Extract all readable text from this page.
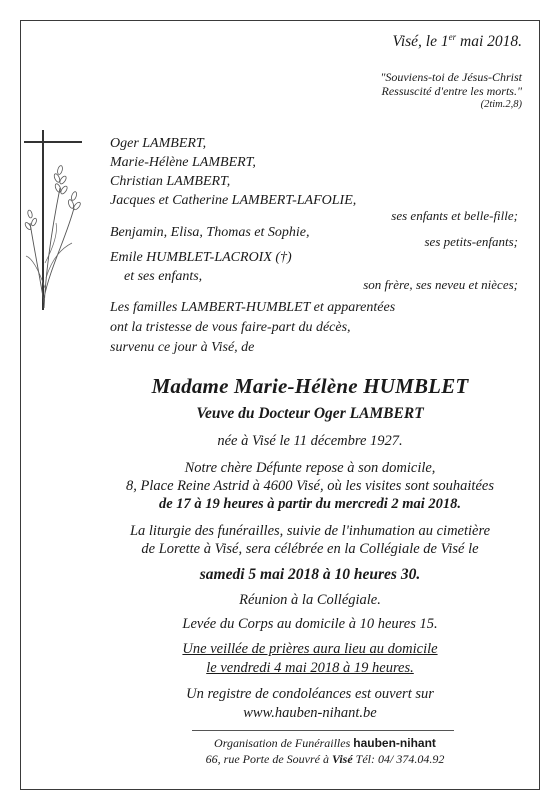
Visé, le 1er mai 2018.
"Souviens-toi de Jésus-Christ
Ressuscité d'entre les morts."
(2tim.2,8)
Oger LAMBERT,
Marie-Hélène LAMBERT,
Christian LAMBERT,
Jacques et Catherine LAMBERT-LAFOLIE,
ses enfants et belle-fille;
Benjamin, Elisa, Thomas et Sophie,
ses petits-enfants;
Emile HUMBLET-LACROIX (†)
et ses enfants,
son frère, ses neveu et nièces;
Les familles LAMBERT-HUMBLET et apparentées
ont la tristesse de vous faire-part du décès,
survenu ce jour à Visé, de
Madame Marie-Hélène HUMBLET
Veuve du Docteur Oger LAMBERT
née à Visé le 11 décembre 1927.
Notre chère Défunte repose à son domicile,
8, Place Reine Astrid à 4600 Visé, où les visites sont souhaitées
de 17 à 19 heures à partir du mercredi 2 mai 2018.
La liturgie des funérailles, suivie de l'inhumation au cimetière
de Lorette à Visé, sera célébrée en la Collégiale de Visé le
samedi 5 mai 2018 à 10 heures 30.
Réunion à la Collégiale.
Levée du Corps au domicile à 10 heures 15.
Une veillée de prières aura lieu au domicile
le vendredi 4 mai 2018 à 19 heures.
Un registre de condoléances est ouvert sur
www.hauben-nihant.be
Organisation de Funérailles hauben-nihant
66, rue Porte de Souvré à Visé Tél: 04/ 374.04.92
